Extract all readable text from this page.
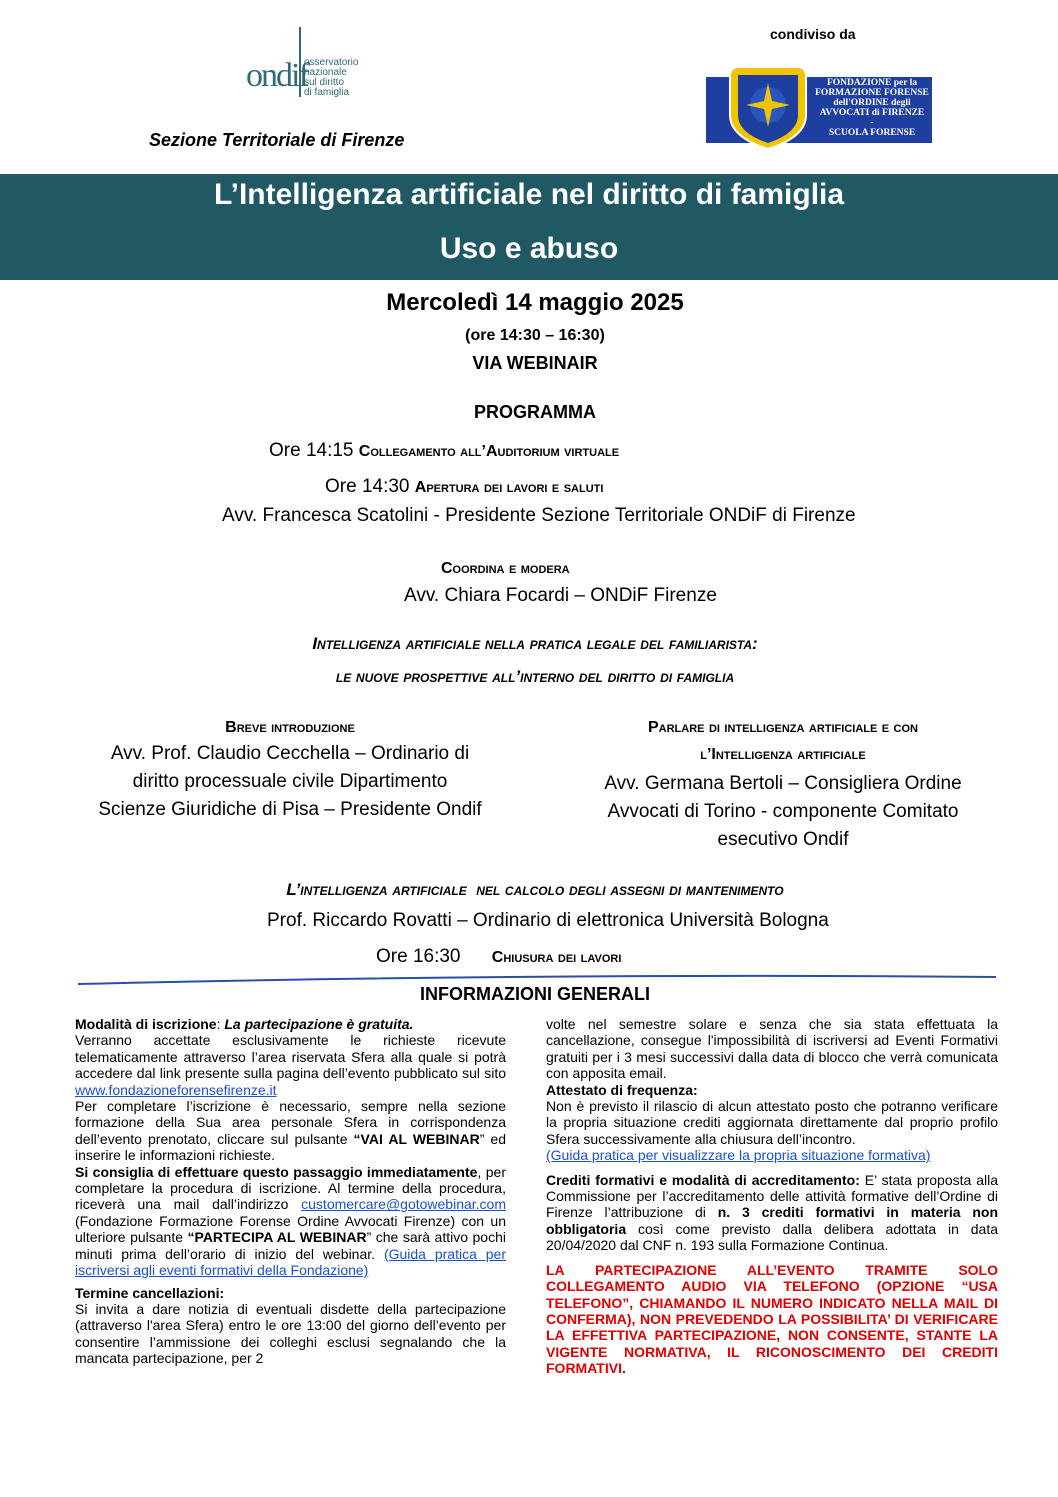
ondif
osservatorio
nazionale
sul diritto
di famiglia
Sezione Territoriale di Firenze
condiviso da
FONDAZIONE per la
FORMAZIONE FORENSE
dell'ORDINE degli
AVVOCATI di FIRENZE
-
SCUOLA FORENSE
L’Intelligenza artificiale nel diritto di famiglia
Uso e abuso
Mercoledì 14 maggio 2025
(ore 14:30 – 16:30)
VIA WEBINAIR
PROGRAMMA
Ore 14:15 Collegamento all’Auditorium virtuale
Ore 14:30 Apertura dei lavori e saluti
Avv. Francesca Scatolini - Presidente Sezione Territoriale ONDiF di Firenze
Coordina e modera
Avv. Chiara Focardi – ONDiF Firenze
Intelligenza artificiale nella pratica legale del familiarista:
le nuove prospettive all’interno del diritto di famiglia
Breve introduzione
Avv. Prof. Claudio Cecchella – Ordinario di
diritto processuale civile Dipartimento
Scienze Giuridiche di Pisa – Presidente Ondif
Parlare di intelligenza artificiale e con
l’Intelligenza artificiale
Avv. Germana Bertoli – Consigliera Ordine
Avvocati di Torino - componente Comitato
esecutivo Ondif
L’intelligenza artificiale  nel calcolo degli assegni di mantenimento
Prof. Riccardo Rovatti – Ordinario di elettronica Università Bologna
Ore 16:30 Chiusura dei lavori
INFORMAZIONI GENERALI

Modalità di iscrizione: La partecipazione è gratuita.

Verranno accettate esclusivamente le richieste ricevute telematicamente attraverso l’area riservata Sfera alla quale si potrà accedere dal link presente sulla pagina dell’evento pubblicato sul sito www.fondazioneforensefirenze.it

Per completare l’iscrizione è necessario, sempre nella sezione formazione della Sua area personale Sfera in corrispondenza dell’evento prenotato, cliccare sul pulsante “VAI AL WEBINAR” ed inserire le informazioni richieste.

Si consiglia di effettuare questo passaggio immediatamente, per completare la procedura di iscrizione. Al termine della procedura, riceverà una mail dall’indirizzo customercare@gotowebinar.com (Fondazione Formazione Forense Ordine Avvocati Firenze) con un ulteriore pulsante “PARTECIPA AL WEBINAR” che sarà attivo pochi minuti prima dell’orario di inizio del webinar. (Guida pratica per iscriversi agli eventi formativi della Fondazione)

Termine cancellazioni:

Si invita a dare notizia di eventuali disdette della partecipazione (attraverso l'area Sfera) entro le ore 13:00 del giorno dell’evento per consentire l’ammissione dei colleghi esclusi segnalando che la mancata partecipazione, per 2

volte nel semestre solare e senza che sia stata effettuata la cancellazione, consegue l'impossibilità di iscriversi ad Eventi Formativi gratuiti per i 3 mesi successivi dalla data di blocco che verrà comunicata con apposita email.

Attestato di frequenza:

Non è previsto il rilascio di alcun attestato posto che potranno verificare la propria situazione crediti aggiornata direttamente dal proprio profilo Sfera successivamente alla chiusura dell’incontro.

(Guida pratica per visualizzare la propria situazione formativa)

Crediti formativi e modalità di accreditamento: E’ stata proposta alla Commissione per l’accreditamento delle attività formative dell’Ordine di Firenze l’attribuzione di n. 3 crediti formativi in materia non obbligatoria così come previsto dalla delibera adottata in data 20/04/2020 dal CNF n. 193 sulla Formazione Continua.

LA PARTECIPAZIONE ALL’EVENTO TRAMITE SOLO COLLEGAMENTO AUDIO VIA TELEFONO (OPZIONE “USA TELEFONO”, CHIAMANDO IL NUMERO INDICATO NELLA MAIL DI CONFERMA), NON PREVEDENDO LA POSSIBILITA’ DI VERIFICARE LA EFFETTIVA PARTECIPAZIONE, NON CONSENTE, STANTE LA VIGENTE NORMATIVA, IL RICONOSCIMENTO DEI CREDITI FORMATIVI.
